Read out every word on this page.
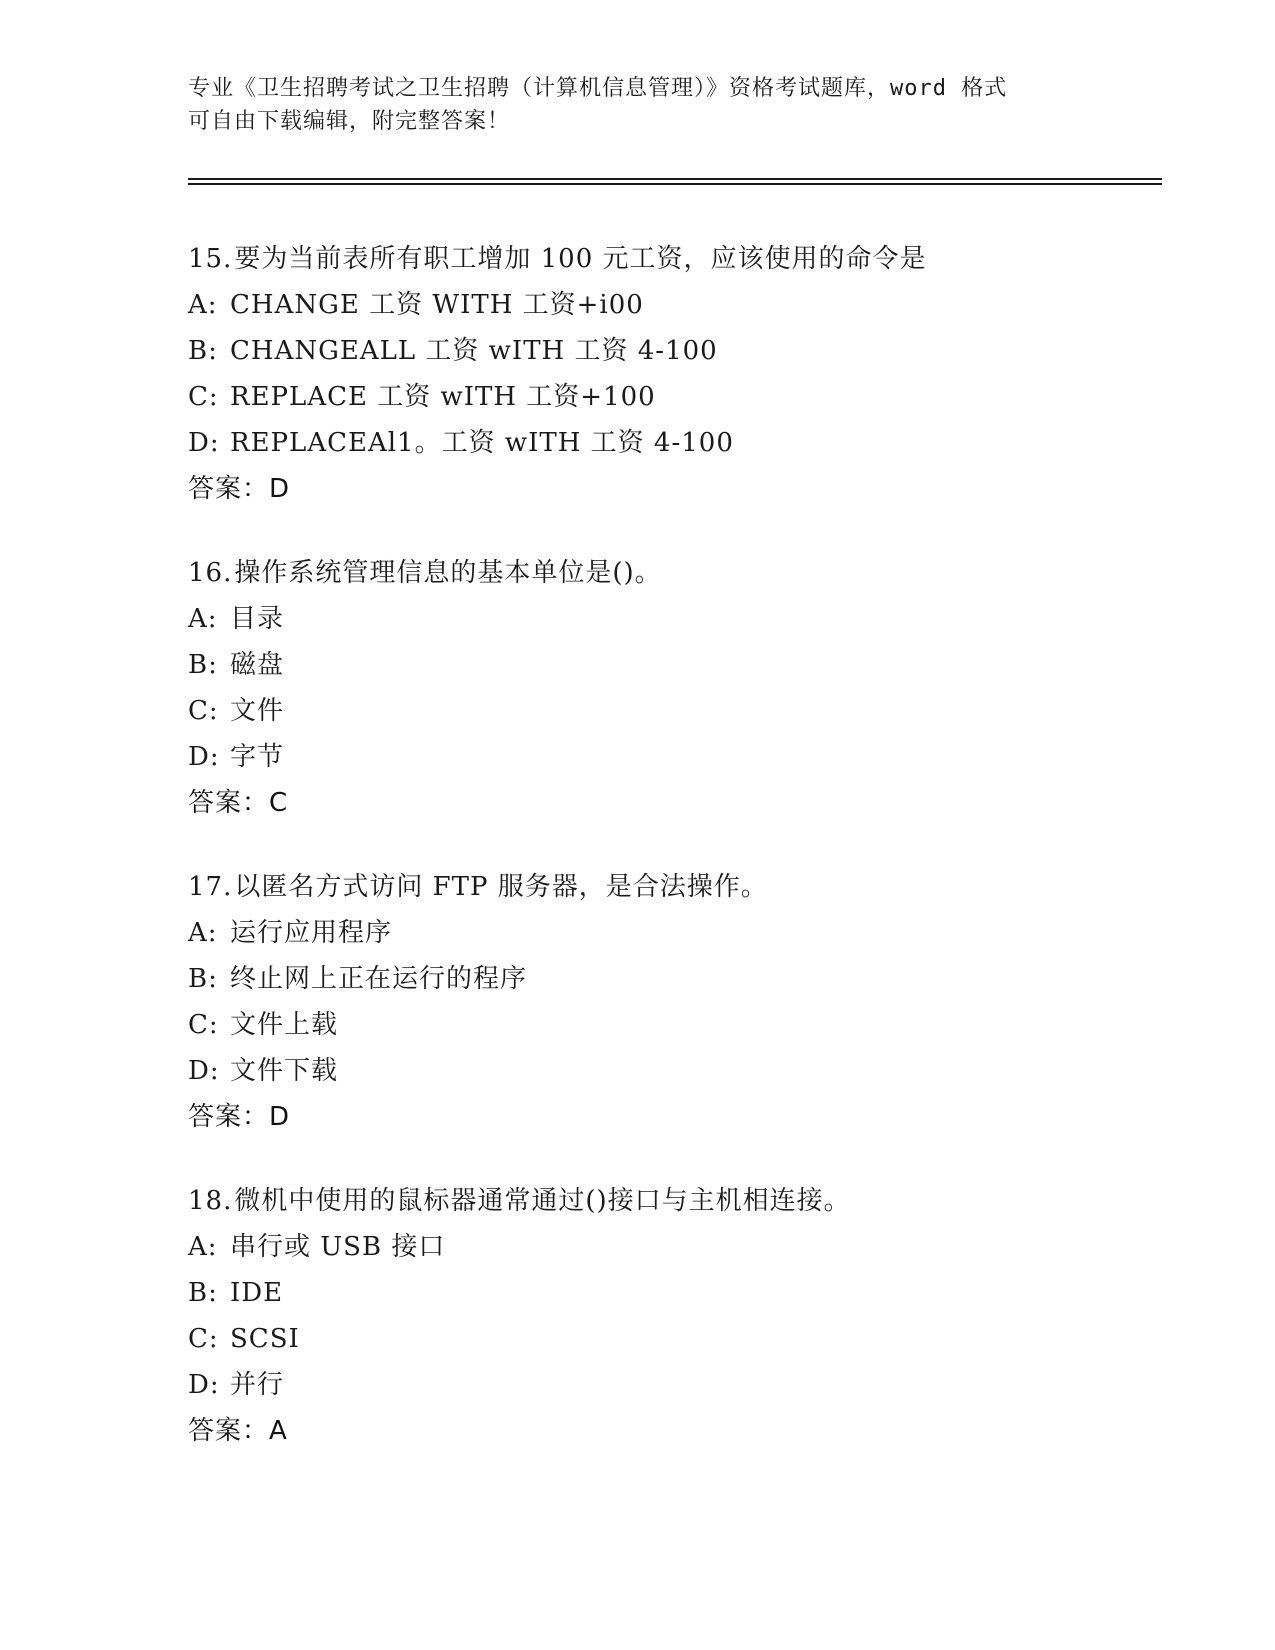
专业《卫生招聘考试之卫生招聘（计算机信息管理）》资格考试题库，word 格式
可自由下载编辑，附完整答案！
15.要为当前表所有职工增加 100 元工资，应该使用的命令是
A: CHANGE 工资 WITH 工资+i00
B: CHANGEALL 工资 wITH 工资 4-100
C: REPLACE 工资 wITH 工资+100
D: REPLACEAl1。工资 wITH 工资 4-100
答案：D
16.操作系统管理信息的基本单位是()。
A: 目录
B: 磁盘
C: 文件
D: 字节
答案：C
17.以匿名方式访问 FTP 服务器，是合法操作。
A: 运行应用程序
B: 终止网上正在运行的程序
C: 文件上载
D: 文件下载
答案：D
18.微机中使用的鼠标器通常通过()接口与主机相连接。
A: 串行或 USB 接口
B: IDE
C: SCSI
D: 并行
答案：A
